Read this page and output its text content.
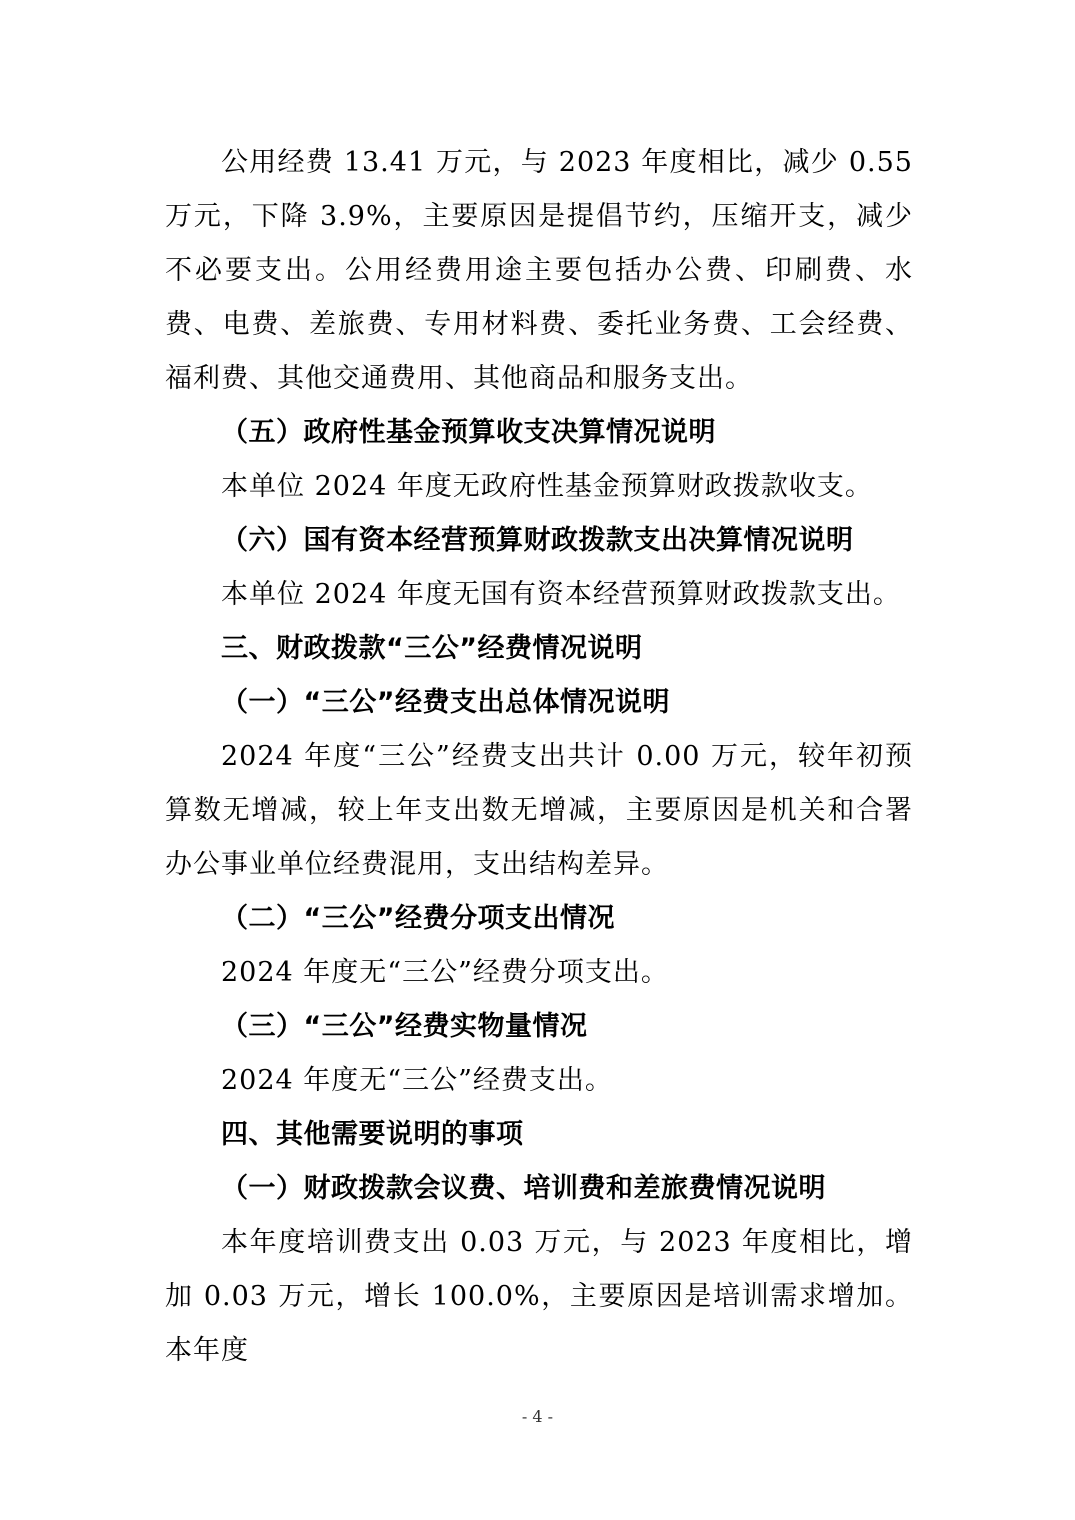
公用经费 13.41 万元，与 2023 年度相比，减少 0.55 万元，下降 3.9%，主要原因是提倡节约，压缩开支，减少不必要支出。公用经费用途主要包括办公费、印刷费、水费、电费、差旅费、专用材料费、委托业务费、工会经费、福利费、其他交通费用、其他商品和服务支出。

（五）政府性基金预算收支决算情况说明

本单位 2024 年度无政府性基金预算财政拨款收支。

（六）国有资本经营预算财政拨款支出决算情况说明

本单位 2024 年度无国有资本经营预算财政拨款支出。

三、财政拨款“三公”经费情况说明

（一）“三公”经费支出总体情况说明

2024 年度“三公”经费支出共计 0.00 万元，较年初预算数无增减，较上年支出数无增减，主要原因是机关和合署办公事业单位经费混用，支出结构差异。

（二）“三公”经费分项支出情况

2024 年度无“三公”经费分项支出。

（三）“三公”经费实物量情况

2024 年度无“三公”经费支出。

四、其他需要说明的事项

（一）财政拨款会议费、培训费和差旅费情况说明

本年度培训费支出 0.03 万元，与 2023 年度相比，增加 0.03 万元，增长 100.0%，主要原因是培训需求增加。本年度

- 4 -
